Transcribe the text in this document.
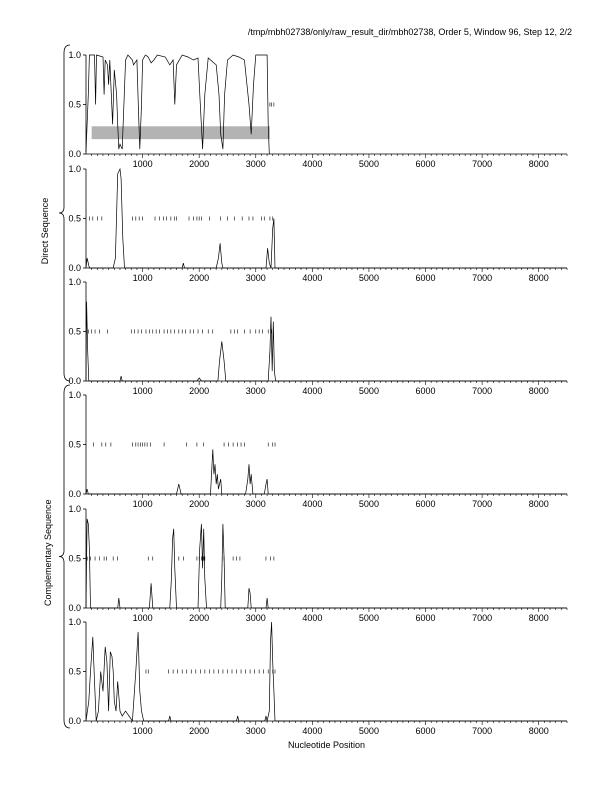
/tmp/mbh02738/only/raw_result_dir/mbh02738, Order 5, Window 96, Step 12, 2/2
0.0
0.5
1.0
1000	2000	3000	4000	5000	6000	7000	8000
0.0
0.5
1.0
1000	2000	3000	4000	5000	6000	7000	8000
0.0
0.5
1.0
1000	2000	3000	4000	5000	6000	7000	8000
0.0
0.5
1.0
1000	2000	3000	4000	5000	6000	7000	8000
0.0
0.5
1.0
1000	2000	3000	4000	5000	6000	7000	8000
0.0
0.5
1.0
1000	2000	3000	4000	5000	6000	7000	8000
Direct Sequence
Complementary Sequence
Nucleotide Position
